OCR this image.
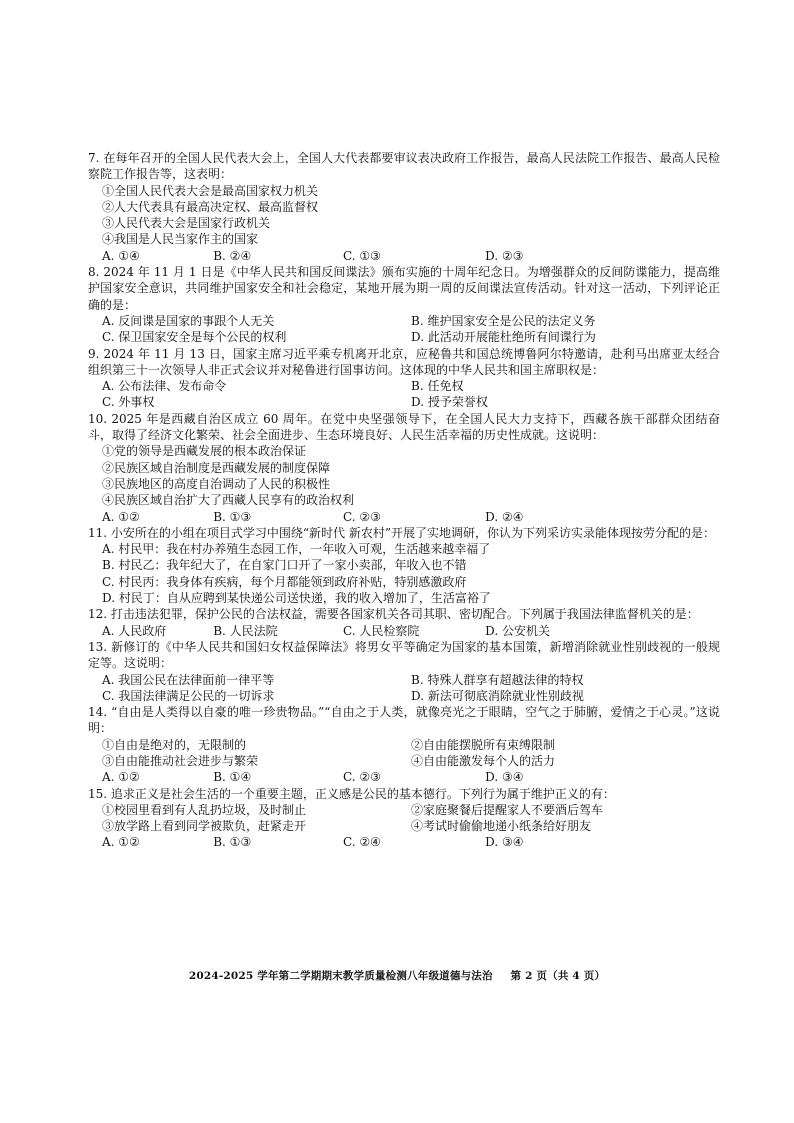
7. 在每年召开的全国人民代表大会上，全国人大代表都要审议表决政府工作报告，最高人民法院工作报告、最高人民检察院工作报告等，这表明：
①全国人民代表大会是最高国家权力机关
②人大代表具有最高决定权、最高监督权
③人民代表大会是国家行政机关
④我国是人民当家作主的国家
A. ①④	B. ②④	C. ①③	D. ②③
8. 2024 年 11 月 1 日是《中华人民共和国反间谍法》颁布实施的十周年纪念日。为增强群众的反间防谍能力，提高维护国家安全意识，共同维护国家安全和社会稳定，某地开展为期一周的反间谍法宣传活动。针对这一活动，下列评论正确的是：
A. 反间谍是国家的事跟个人无关	B. 维护国家安全是公民的法定义务
C. 保卫国家安全是每个公民的权利	D. 此活动开展能杜绝所有间谍行为
9. 2024 年 11 月 13 日，国家主席习近平乘专机离开北京，应秘鲁共和国总统博鲁阿尔特邀请，赴利马出席亚太经合组织第三十一次领导人非正式会议并对秘鲁进行国事访问。这体现的中华人民共和国主席职权是：
A. 公布法律、发布命令	B. 任免权
C. 外事权	D. 授予荣誉权
10. 2025 年是西藏自治区成立 60 周年。在党中央坚强领导下，在全国人民大力支持下，西藏各族干部群众团结奋斗，取得了经济文化繁荣、社会全面进步、生态环境良好、人民生活幸福的历史性成就。这说明：
①党的领导是西藏发展的根本政治保证
②民族区域自治制度是西藏发展的制度保障
③民族地区的高度自治调动了人民的积极性
④民族区域自治扩大了西藏人民享有的政治权利
A. ①②	B. ①③	C. ②③	D. ②④
11. 小安所在的小组在项目式学习中围绕“新时代 新农村”开展了实地调研，你认为下列采访实录能体现按劳分配的是：
A. 村民甲：我在村办养殖生态园工作，一年收入可观，生活越来越幸福了
B. 村民乙：我年纪大了，在自家门口开了一家小卖部，年收入也不错
C. 村民丙：我身体有疾病，每个月都能领到政府补贴，特别感激政府
D. 村民丁：自从应聘到某快递公司送快递，我的收入增加了，生活富裕了
12. 打击违法犯罪，保护公民的合法权益，需要各国家机关各司其职、密切配合。下列属于我国法律监督机关的是：
A. 人民政府	B. 人民法院	C. 人民检察院	D. 公安机关
13. 新修订的《中华人民共和国妇女权益保障法》将男女平等确定为国家的基本国策，新增消除就业性别歧视的一般规定等。这说明：
A. 我国公民在法律面前一律平等	B. 特殊人群享有超越法律的特权
C. 我国法律满足公民的一切诉求	D. 新法可彻底消除就业性别歧视
14. “自由是人类得以自豪的唯一珍贵物品。”“自由之于人类，就像亮光之于眼睛，空气之于肺腑，爱情之于心灵。”这说明：
①自由是绝对的，无限制的	②自由能摆脱所有束缚限制
③自由能推动社会进步与繁荣	④自由能激发每个人的活力
A. ①②	B. ①④	C. ②③	D. ③④
15. 追求正义是社会生活的一个重要主题，正义感是公民的基本德行。下列行为属于维护正义的有：
①校园里看到有人乱扔垃圾，及时制止	②家庭聚餐后提醒家人不要酒后驾车
③放学路上看到同学被欺负，赶紧走开	④考试时偷偷地递小纸条给好朋友
A. ①②	B. ①③	C. ②④	D. ③④
2024-2025 学年第二学期期末教学质量检测八年级道德与法治 第 2 页（共 4 页）
